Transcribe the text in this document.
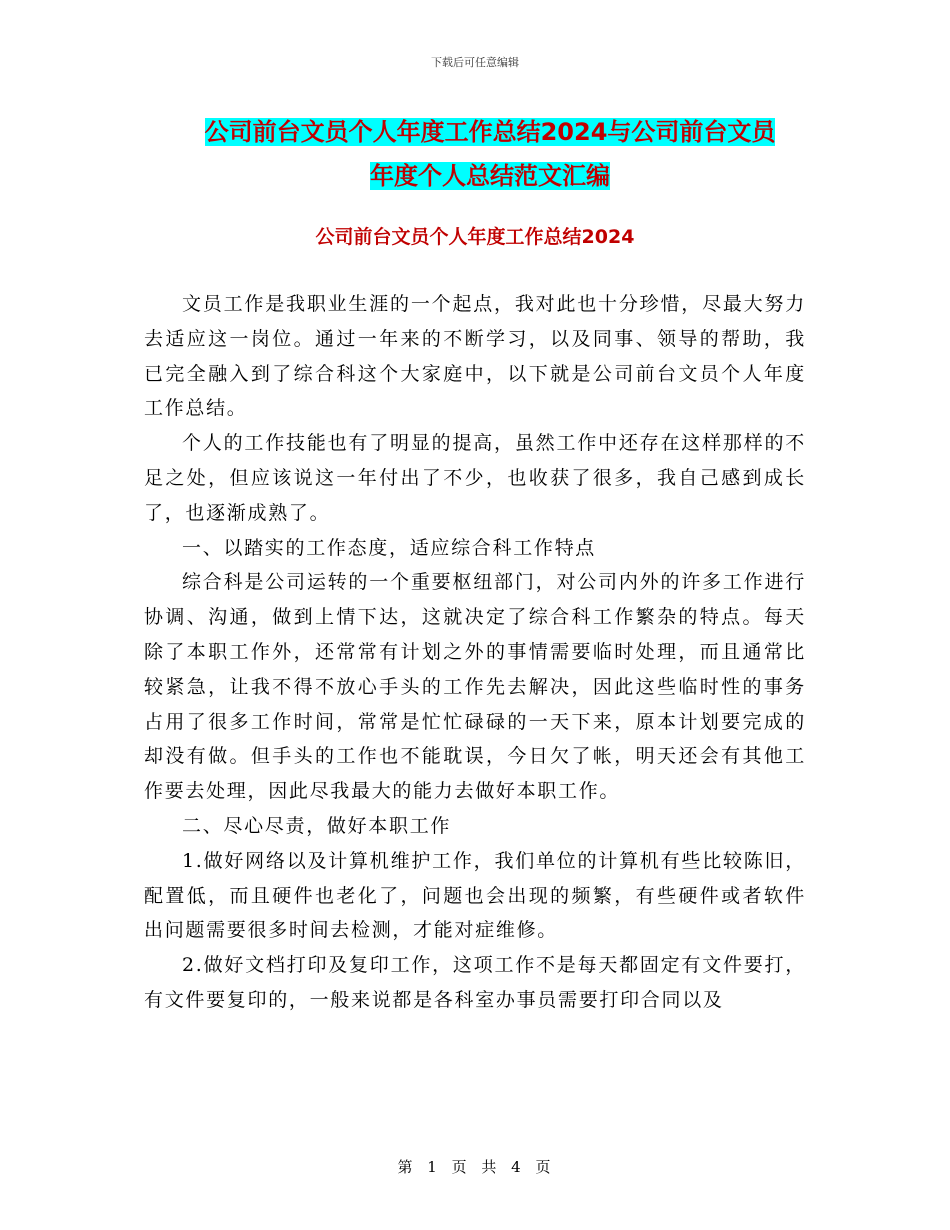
下载后可任意编辑
公司前台文员个人年度工作总结2024与公司前台文员
年度个人总结范文汇编
公司前台文员个人年度工作总结2024

文员工作是我职业生涯的一个起点，我对此也十分珍惜，尽最大努力去适应这一岗位。通过一年来的不断学习，以及同事、领导的帮助，我已完全融入到了综合科这个大家庭中，以下就是公司前台文员个人年度工作总结。

个人的工作技能也有了明显的提高，虽然工作中还存在这样那样的不足之处，但应该说这一年付出了不少，也收获了很多，我自己感到成长了，也逐渐成熟了。

一、以踏实的工作态度，适应综合科工作特点

综合科是公司运转的一个重要枢纽部门，对公司内外的许多工作进行协调、沟通，做到上情下达，这就决定了综合科工作繁杂的特点。每天除了本职工作外，还常常有计划之外的事情需要临时处理，而且通常比较紧急，让我不得不放心手头的工作先去解决，因此这些临时性的事务占用了很多工作时间，常常是忙忙碌碌的一天下来，原本计划要完成的却没有做。但手头的工作也不能耽误，今日欠了帐，明天还会有其他工作要去处理，因此尽我最大的能力去做好本职工作。

二、尽心尽责，做好本职工作

1.做好网络以及计算机维护工作，我们单位的计算机有些比较陈旧，配置低，而且硬件也老化了，问题也会出现的频繁，有些硬件或者软件出问题需要很多时间去检测，才能对症维修。

2.做好文档打印及复印工作，这项工作不是每天都固定有文件要打，有文件要复印的，一般来说都是各科室办事员需要打印合同以及

第 1 页 共 4 页
